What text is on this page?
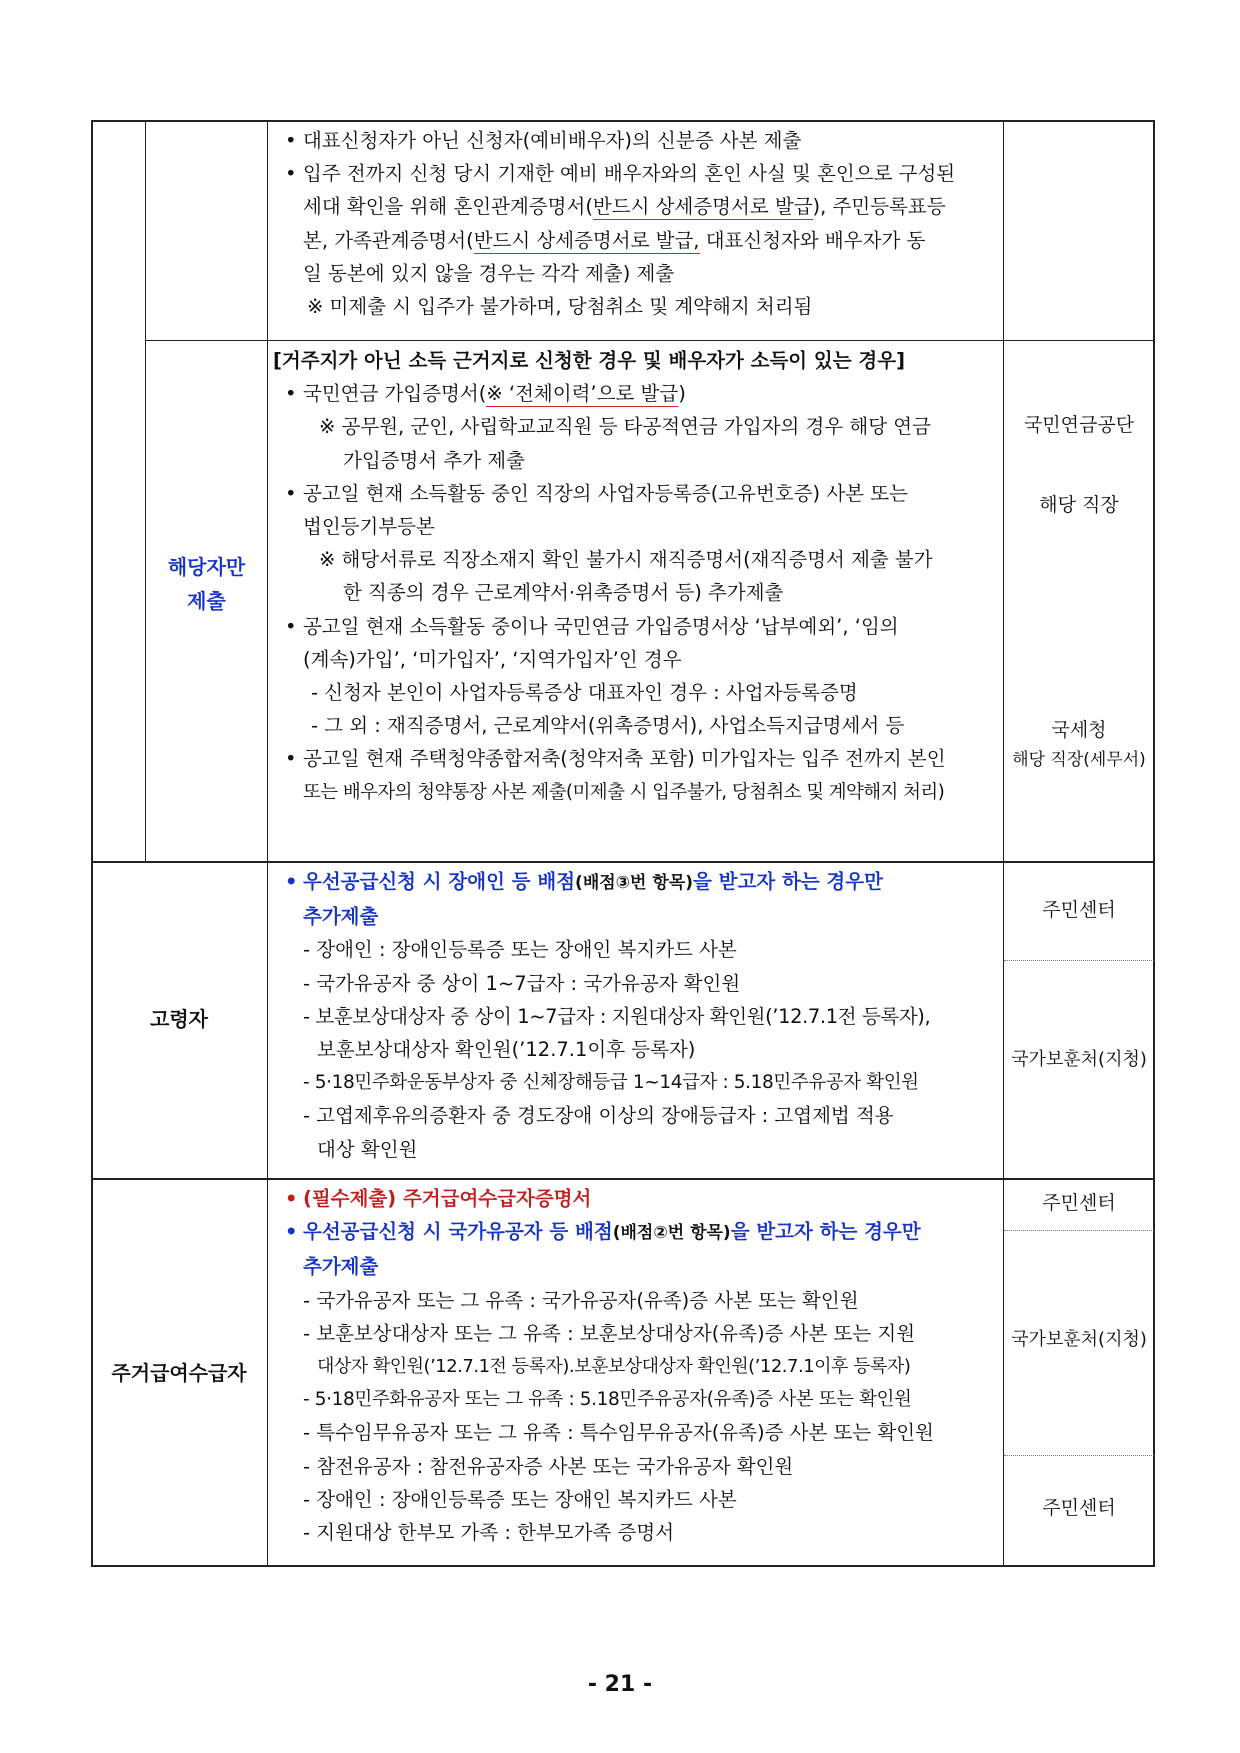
• 대표신청자가 아닌 신청자(예비배우자)의 신분증 사본 제출
• 입주 전까지 신청 당시 기재한 예비 배우자와의 혼인 사실 및 혼인으로 구성된
세대 확인을 위해 혼인관계증명서(반드시 상세증명서로 발급), 주민등록표등
본, 가족관계증명서(반드시 상세증명서로 발급, 대표신청자와 배우자가 동
일 동본에 있지 않을 경우는 각각 제출) 제출
※ 미제출 시 입주가 불가하며, 당첨취소 및 계약해지 처리됨
해당자만
제출
[거주지가 아닌 소득 근거지로 신청한 경우 및 배우자가 소득이 있는 경우]
• 국민연금 가입증명서(※ ‘전체이력’으로 발급)
※ 공무원, 군인, 사립학교교직원 등 타공적연금 가입자의 경우 해당 연금
가입증명서 추가 제출
• 공고일 현재 소득활동 중인 직장의 사업자등록증(고유번호증) 사본 또는
법인등기부등본
※ 해당서류로 직장소재지 확인 불가시 재직증명서(재직증명서 제출 불가
한 직종의 경우 근로계약서·위촉증명서 등) 추가제출
• 공고일 현재 소득활동 중이나 국민연금 가입증명서상 ‘납부예외’, ‘임의
(계속)가입’, ‘미가입자’, ‘지역가입자’인 경우
- 신청자 본인이 사업자등록증상 대표자인 경우 : 사업자등록증명
- 그 외 : 재직증명서, 근로계약서(위촉증명서), 사업소득지급명세서 등
• 공고일 현재 주택청약종합저축(청약저축 포함) 미가입자는 입주 전까지 본인
또는 배우자의 청약통장 사본 제출(미제출 시 입주불가, 당첨취소 및 계약해지 처리)
국민연금공단
해당 직장
국세청
해당 직장(세무서)
고령자
• 우선공급신청 시 장애인 등 배점(배점③번 항목)을 받고자 하는 경우만
추가제출
- 장애인 : 장애인등록증 또는 장애인 복지카드 사본
- 국가유공자 중 상이 1~7급자 : 국가유공자 확인원
- 보훈보상대상자 중 상이 1~7급자 : 지원대상자 확인원(’12.7.1전 등록자),
보훈보상대상자 확인원(’12.7.1이후 등록자)
- 5·18민주화운동부상자 중 신체장해등급 1~14급자 : 5.18민주유공자 확인원
- 고엽제후유의증환자 중 경도장애 이상의 장애등급자 : 고엽제법 적용
대상 확인원
주민센터
국가보훈처(지청)
주거급여수급자
• (필수제출) 주거급여수급자증명서
• 우선공급신청 시 국가유공자 등 배점(배점②번 항목)을 받고자 하는 경우만
추가제출
- 국가유공자 또는 그 유족 : 국가유공자(유족)증 사본 또는 확인원
- 보훈보상대상자 또는 그 유족 : 보훈보상대상자(유족)증 사본 또는 지원
대상자 확인원(’12.7.1전 등록자).보훈보상대상자 확인원(’12.7.1이후 등록자)
- 5·18민주화유공자 또는 그 유족 : 5.18민주유공자(유족)증 사본 또는 확인원
- 특수임무유공자 또는 그 유족 : 특수임무유공자(유족)증 사본 또는 확인원
- 참전유공자 : 참전유공자증 사본 또는 국가유공자 확인원
- 장애인 : 장애인등록증 또는 장애인 복지카드 사본
- 지원대상 한부모 가족 : 한부모가족 증명서
주민센터
국가보훈처(지청)
주민센터
- 21 -
